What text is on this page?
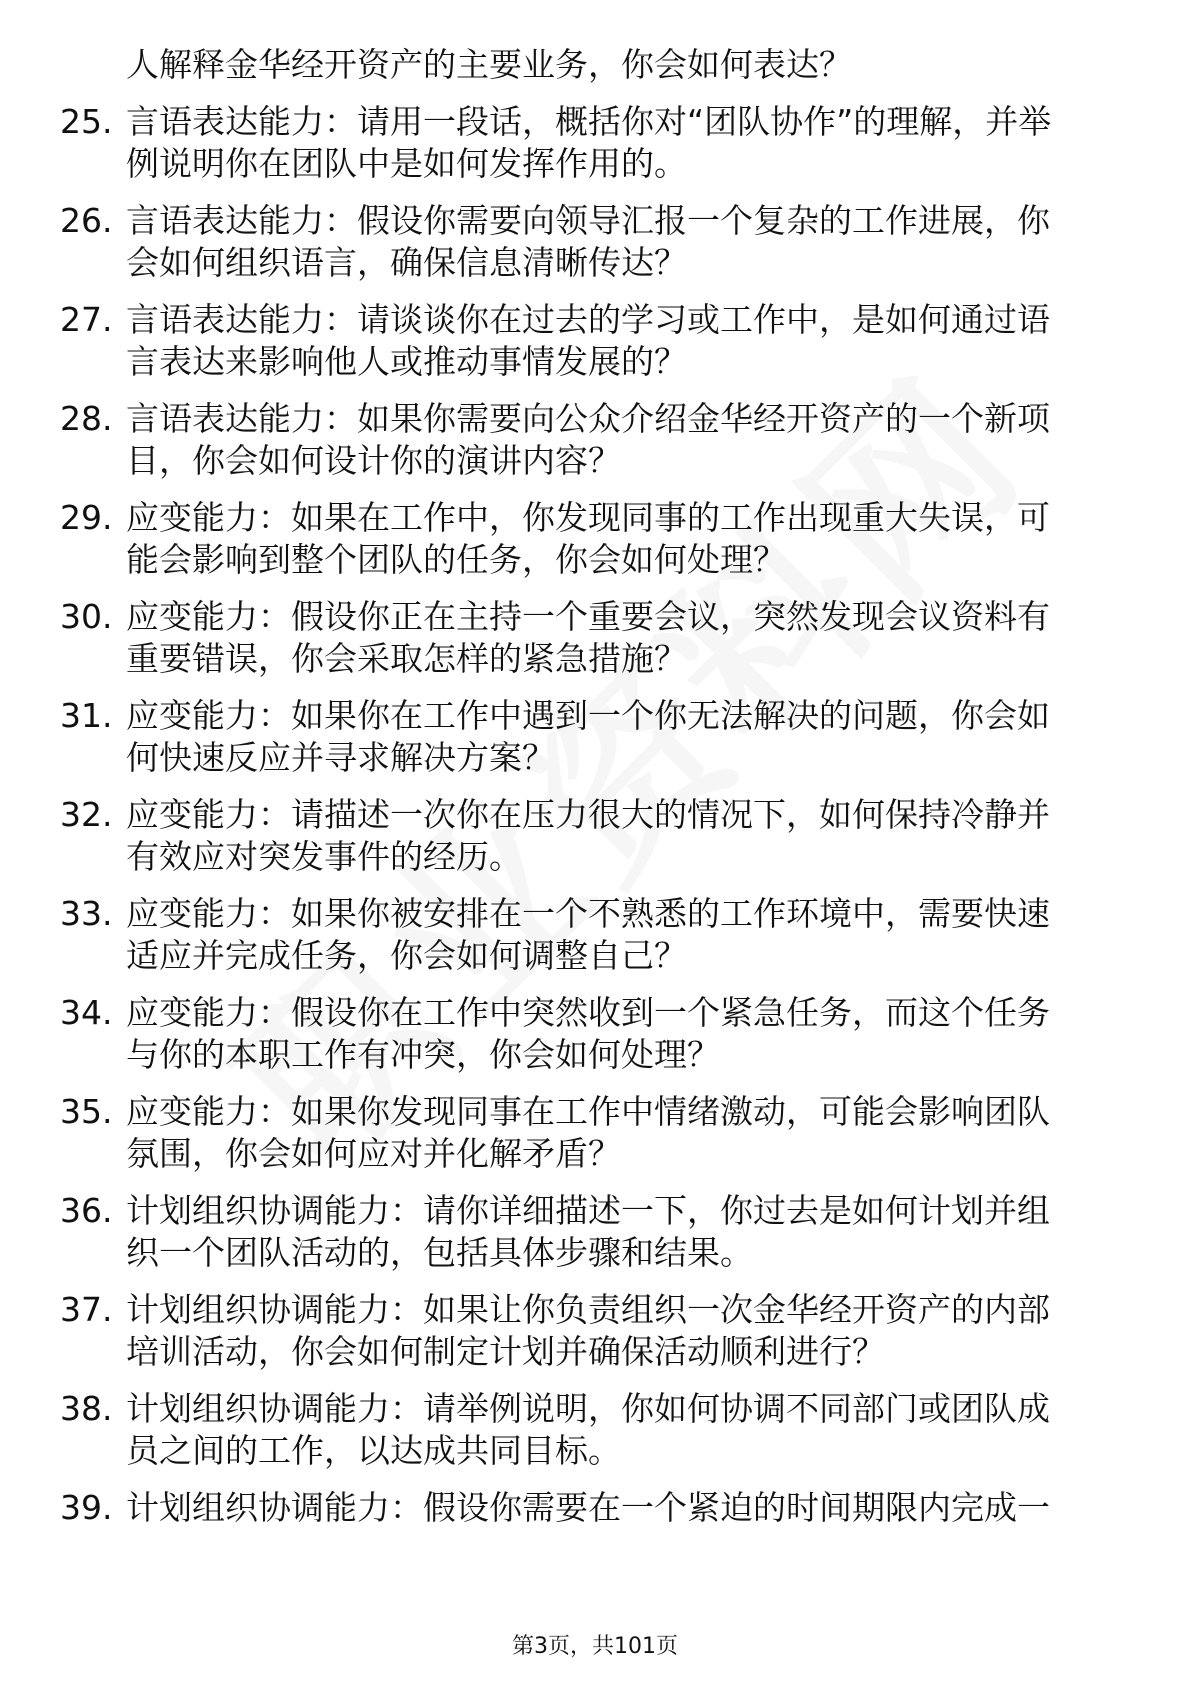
人解释金华经开资产的主要业务，你会如何表达？
25. 言语表达能力：请用一段话，概括你对“团队协作”的理解，并举
例说明你在团队中是如何发挥作用的。
26. 言语表达能力：假设你需要向领导汇报一个复杂的工作进展，你
会如何组织语言，确保信息清晰传达？
27. 言语表达能力：请谈谈你在过去的学习或工作中，是如何通过语
言表达来影响他人或推动事情发展的？
28. 言语表达能力：如果你需要向公众介绍金华经开资产的一个新项
目，你会如何设计你的演讲内容？
29. 应变能力：如果在工作中，你发现同事的工作出现重大失误，可
能会影响到整个团队的任务，你会如何处理？
30. 应变能力：假设你正在主持一个重要会议，突然发现会议资料有
重要错误，你会采取怎样的紧急措施？
31. 应变能力：如果你在工作中遇到一个你无法解决的问题，你会如
何快速反应并寻求解决方案？
32. 应变能力：请描述一次你在压力很大的情况下，如何保持冷静并
有效应对突发事件的经历。
33. 应变能力：如果你被安排在一个不熟悉的工作环境中，需要快速
适应并完成任务，你会如何调整自己？
34. 应变能力：假设你在工作中突然收到一个紧急任务，而这个任务
与你的本职工作有冲突，你会如何处理？
35. 应变能力：如果你发现同事在工作中情绪激动，可能会影响团队
氛围，你会如何应对并化解矛盾？
36. 计划组织协调能力：请你详细描述一下，你过去是如何计划并组
织一个团队活动的，包括具体步骤和结果。
37. 计划组织协调能力：如果让你负责组织一次金华经开资产的内部
培训活动，你会如何制定计划并确保活动顺利进行？
38. 计划组织协调能力：请举例说明，你如何协调不同部门或团队成
员之间的工作，以达成共同目标。
39. 计划组织协调能力：假设你需要在一个紧迫的时间期限内完成一
第3页，共101页
